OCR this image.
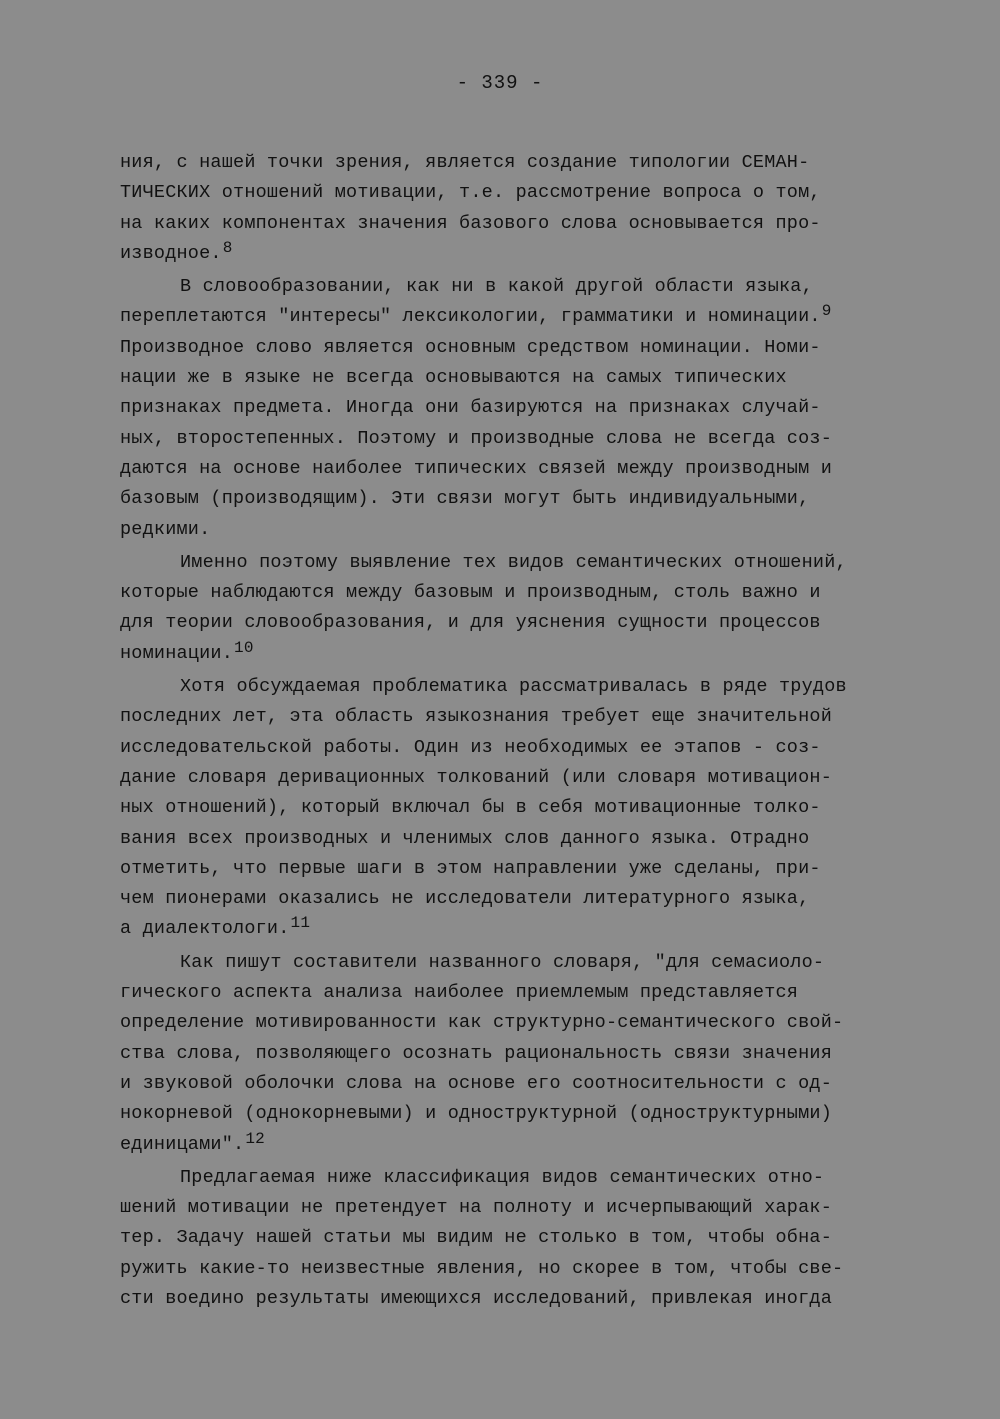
- 339 -
ния, с нашей точки зрения, является создание типологии СЕМАН-
ТИЧЕСКИХ отношений мотивации, т.е. рассмотрение вопроса о том,
на каких компонентах значения базового слова основывается про-
изводное.$^8$
В словообразовании, как ни в какой другой области языка,
переплетаются "интересы" лексикологии, грамматики и номинации.$^9$
Производное слово является основным средством номинации. Номи-
нации же в языке не всегда основываются на самых типических
признаках предмета. Иногда они базируются на признаках случай-
ных, второстепенных. Поэтому и производные слова не всегда соз-
даются на основе наиболее типических связей между производным и
базовым (производящим). Эти связи могут быть индивидуальными,
редкими.
Именно поэтому выявление тех видов семантических отношений,
которые наблюдаются между базовым и производным, столь важно и
для теории словообразования, и для уяснения сущности процессов
номинации.$^{10}$
Хотя обсуждаемая проблематика рассматривалась в ряде трудов
последних лет, эта область языкознания требует еще значительной
исследовательской работы. Один из необходимых ее этапов - соз-
дание словаря деривационных толкований (или словаря мотивацион-
ных отношений), который включал бы в себя мотивационные толко-
вания всех производных и членимых слов данного языка. Отрадно
отметить, что первые шаги в этом направлении уже сделаны, при-
чем пионерами оказались не исследователи литературного языка,
а диалектологи.$^{11}$
Как пишут составители названного словаря, "для семасиоло-
гического аспекта анализа наиболее приемлемым представляется
определение мотивированности как структурно-семантического свой-
ства слова, позволяющего осознать рациональность связи значения
и звуковой оболочки слова на основе его соотносительности с од-
нокорневой (однокорневыми) и одноструктурной (одноструктурными)
единицами".$^{12}$
Предлагаемая ниже классификация видов семантических отно-
шений мотивации не претендует на полноту и исчерпывающий харак-
тер. Задачу нашей статьи мы видим не столько в том, чтобы обна-
ружить какие-то неизвестные явления, но скорее в том, чтобы све-
сти воедино результаты имеющихся исследований, привлекая иногда
